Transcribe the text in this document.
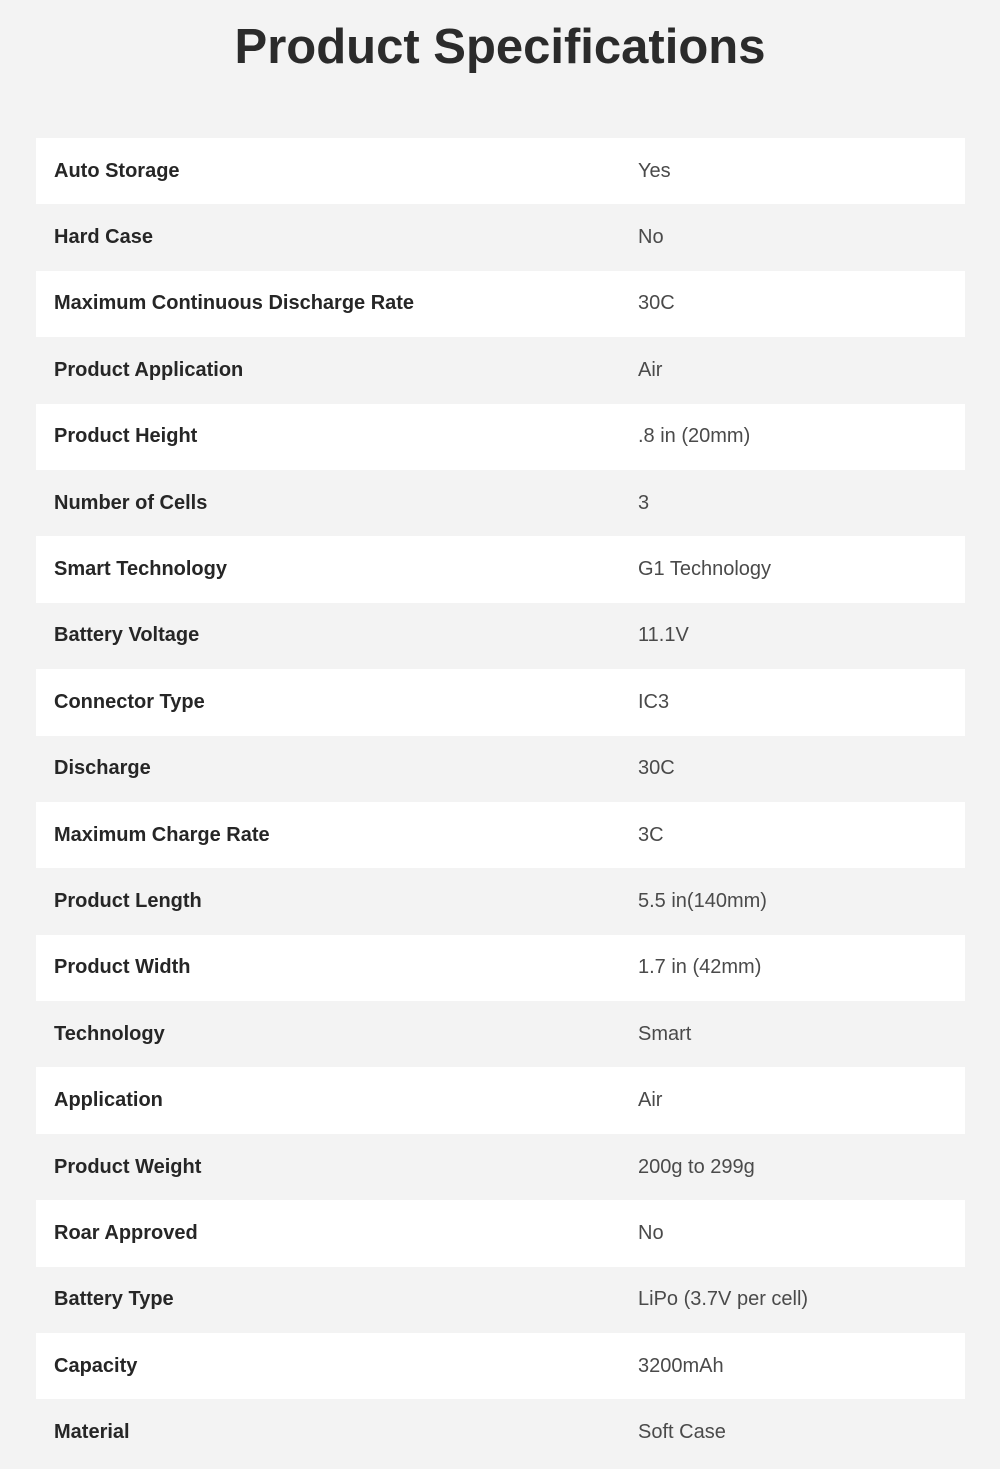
Product Specifications
Auto Storage	Yes
Hard Case	No
Maximum Continuous Discharge Rate	30C
Product Application	Air
Product Height	.8 in (20mm)
Number of Cells	3
Smart Technology	G1 Technology
Battery Voltage	11.1V
Connector Type	IC3
Discharge	30C
Maximum Charge Rate	3C
Product Length	5.5 in(140mm)
Product Width	1.7 in (42mm)
Technology	Smart
Application	Air
Product Weight	200g to 299g
Roar Approved	No
Battery Type	LiPo (3.7V per cell)
Capacity	3200mAh
Material	Soft Case
